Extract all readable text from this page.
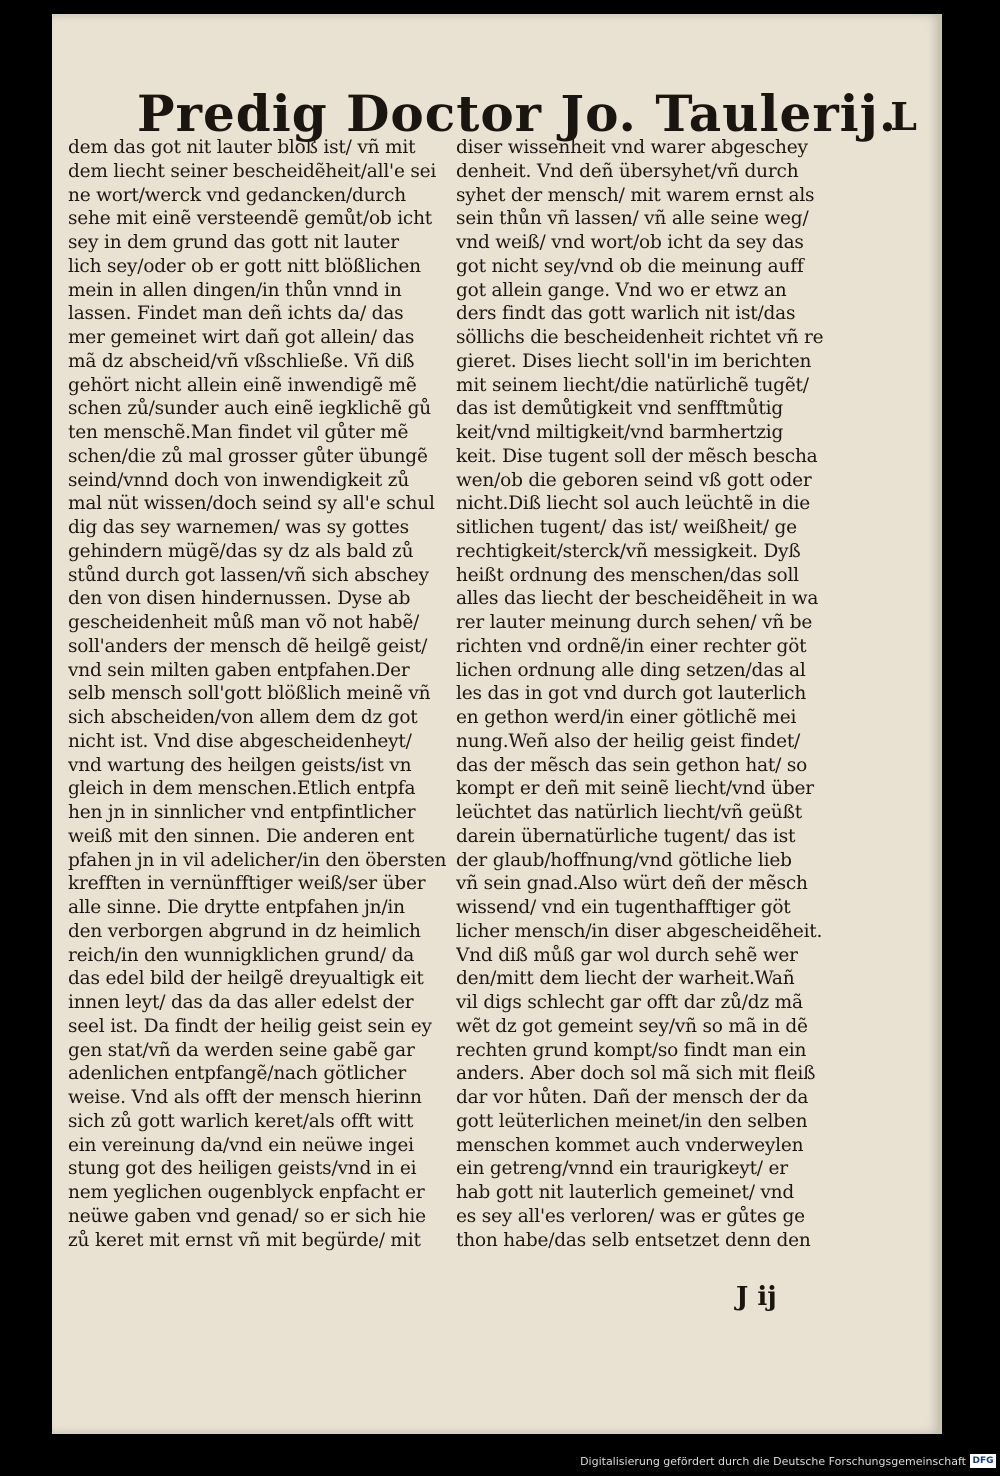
Predig Doctor Jo. Taulerij.
L
dem das got nit lauter bloß ist/ vñ mit
dem liecht seiner bescheidẽheit/all'e sei
ne wort/werck vnd gedancken/durch
sehe mit einẽ versteendẽ gemůt/ob icht
sey in dem grund das gott nit lauter
lich sey/oder ob er gott nitt blößlichen
mein in allen dingen/in thůn vnnd in
lassen. Findet man deñ ichts da/ das
mer gemeinet wirt dañ got allein/ das
mã dz abscheid/vñ vßschließe. Vñ diß
gehört nicht allein einẽ inwendigẽ mẽ
schen zů/sunder auch einẽ iegklichẽ gů
ten menschẽ.Man findet vil gůter mẽ
schen/die zů mal grosser gůter übungẽ
seind/vnnd doch von inwendigkeit zů
mal nüt wissen/doch seind sy all'e schul
dig das sey warnemen/ was sy gottes
gehindern mügẽ/das sy dz als bald zů
stůnd durch got lassen/vñ sich abschey
den von disen hindernussen. Dyse ab
gescheidenheit můß man võ not habẽ/
soll'anders der mensch dẽ heilgẽ geist/
vnd sein milten gaben entpfahen.Der
selb mensch soll'gott blößlich meinẽ vñ
sich abscheiden/von allem dem dz got
nicht ist. Vnd dise abgescheidenheyt/
vnd wartung des heilgen geists/ist vn
gleich in dem menschen.Etlich entpfa
hen jn in sinnlicher vnd entpfintlicher
weiß mit den sinnen. Die anderen ent
pfahen jn in vil adelicher/in den öbersten
krefften in vernünfftiger weiß/ser über
alle sinne. Die drytte entpfahen jn/in
den verborgen abgrund in dz heimlich
reich/in den wunnigklichen grund/ da
das edel bild der heilgẽ dreyualtigk eit
innen leyt/ das da das aller edelst der
seel ist. Da findt der heilig geist sein ey
gen stat/vñ da werden seine gabẽ gar
adenlichen entpfangẽ/nach götlicher
weise. Vnd als offt der mensch hierinn
sich zů gott warlich keret/als offt witt
ein vereinung da/vnd ein neüwe ingei
stung got des heiligen geists/vnd in ei
nem yeglichen ougenblyck enpfacht er
neüwe gaben vnd genad/ so er sich hie
zů keret mit ernst vñ mit begürde/ mit
diser wissenheit vnd warer abgeschey
denheit. Vnd deñ übersyhet/vñ durch
syhet der mensch/ mit warem ernst als
sein thůn vñ lassen/ vñ alle seine weg/
vnd weiß/ vnd wort/ob icht da sey das
got nicht sey/vnd ob die meinung auff
got allein gange. Vnd wo er etwz an
ders findt das gott warlich nit ist/das
söllichs die bescheidenheit richtet vñ re
gieret. Dises liecht soll'in im berichten
mit seinem liecht/die natürlichẽ tugẽt/
das ist demůtigkeit vnd senfftmůtig
keit/vnd miltigkeit/vnd barmhertzig
keit. Dise tugent soll der mẽsch bescha
wen/ob die geboren seind vß gott oder
nicht.Diß liecht sol auch leüchtẽ in die
sitlichen tugent/ das ist/ weißheit/ ge
rechtigkeit/sterck/vñ messigkeit. Dyß
heißt ordnung des menschen/das soll
alles das liecht der bescheidẽheit in wa
rer lauter meinung durch sehen/ vñ be
richten vnd ordnẽ/in einer rechter göt
lichen ordnung alle ding setzen/das al
les das in got vnd durch got lauterlich
en gethon werd/in einer götlichẽ mei
nung.Weñ also der heilig geist findet/
das der mẽsch das sein gethon hat/ so
kompt er deñ mit seinẽ liecht/vnd über
leüchtet das natürlich liecht/vñ geüßt
darein übernatürliche tugent/ das ist
der glaub/hoffnung/vnd götliche lieb
vñ sein gnad.Also würt deñ der mẽsch
wissend/ vnd ein tugenthafftiger göt
licher mensch/in diser abgescheidẽheit.
Vnd diß můß gar wol durch sehẽ wer
den/mitt dem liecht der warheit.Wañ
vil digs schlecht gar offt dar zů/dz mã
wẽt dz got gemeint sey/vñ so mã in dẽ
rechten grund kompt/so findt man ein
anders. Aber doch sol mã sich mit fleiß
dar vor hůten. Dañ der mensch der da
gott leüterlichen meinet/in den selben
menschen kommet auch vnderweylen
ein getreng/vnnd ein traurigkeyt/ er
hab gott nit lauterlich gemeinet/ vnd
es sey all'es verloren/ was er gůtes ge
thon habe/das selb entsetzet denn den
J ij
Digitalisierung gefördert durch die Deutsche Forschungsgemeinschaft DFG
